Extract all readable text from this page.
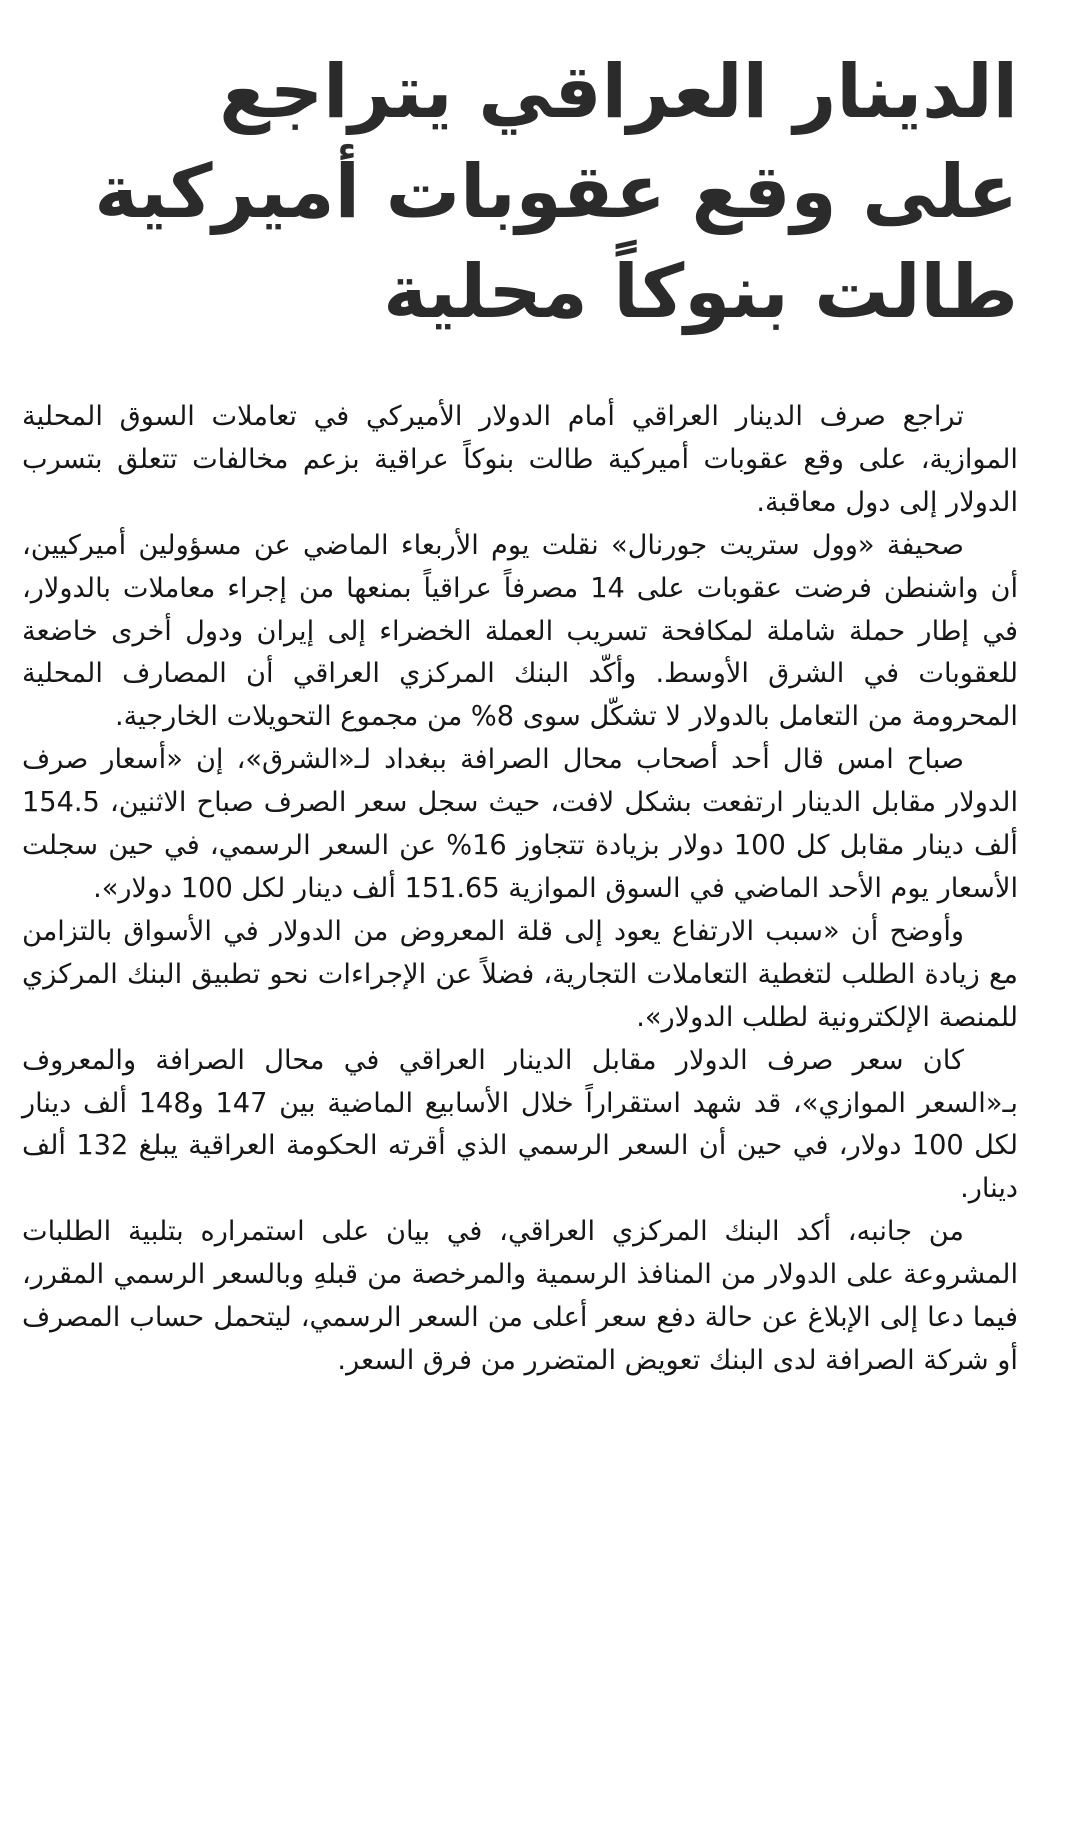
الدينار العراقي يتراجع
على وقع عقوبات أميركية
طالت بنوكاً محلية

تراجع صرف الدينار العراقي أمام الدولار الأميركي في تعاملات السوق المحلية الموازية، على وقع عقوبات أميركية طالت بنوكاً عراقية بزعم مخالفات تتعلق بتسرب الدولار إلى دول معاقبة.

صحيفة «وول ستريت جورنال» نقلت يوم الأربعاء الماضي عن مسؤولين أميركيين، أن واشنطن فرضت عقوبات على 14 مصرفاً عراقياً بمنعها من إجراء معاملات بالدولار، في إطار حملة شاملة لمكافحة تسريب العملة الخضراء إلى إيران ودول أخرى خاضعة للعقوبات في الشرق الأوسط. وأكّد البنك المركزي العراقي أن المصارف المحلية المحرومة من التعامل بالدولار لا تشكّل سوى 8% من مجموع التحويلات الخارجية.

صباح امس قال أحد أصحاب محال الصرافة ببغداد لـ«الشرق»، إن «أسعار صرف الدولار مقابل الدينار ارتفعت بشكل لافت، حيث سجل سعر الصرف صباح الاثنين، 154.5 ألف دينار مقابل كل 100 دولار بزيادة تتجاوز 16% عن السعر الرسمي، في حين سجلت الأسعار يوم الأحد الماضي في السوق الموازية 151.65 ألف دينار لكل 100 دولار».

وأوضح أن «سبب الارتفاع يعود إلى قلة المعروض من الدولار في الأسواق بالتزامن مع زيادة الطلب لتغطية التعاملات التجارية، فضلاً عن الإجراءات نحو تطبيق البنك المركزي للمنصة الإلكترونية لطلب الدولار».

كان سعر صرف الدولار مقابل الدينار العراقي في محال الصرافة والمعروف بـ«السعر الموازي»، قد شهد استقراراً خلال الأسابيع الماضية بين 147 و148 ألف دينار لكل 100 دولار، في حين أن السعر الرسمي الذي أقرته الحكومة العراقية يبلغ 132 ألف دينار.

من جانبه، أكد البنك المركزي العراقي، في بيان على استمراره بتلبية الطلبات المشروعة على الدولار من المنافذ الرسمية والمرخصة من قبلهِ وبالسعر الرسمي المقرر، فيما دعا إلى الإبلاغ عن حالة دفع سعر أعلى من السعر الرسمي، ليتحمل حساب المصرف أو شركة الصرافة لدى البنك تعويض المتضرر من فرق السعر.
